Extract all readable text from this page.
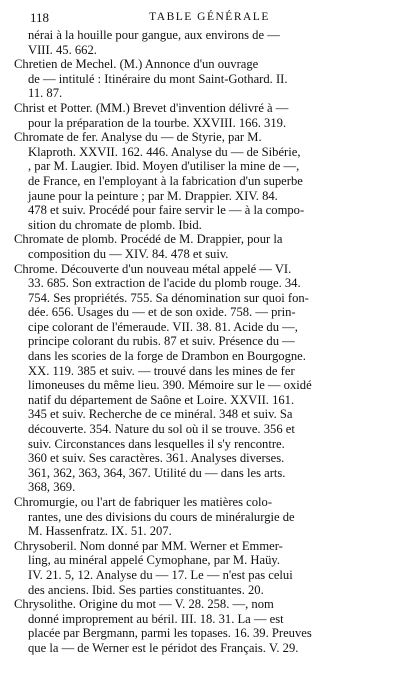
118	TABLE GÉNÉRALE
nérai à la houille pour gangue, aux environs de —
VIII. 45. 662.
Chretien de Mechel. (M.) Annonce d'un ouvrage
de — intitulé : Itinéraire du mont Saint-Gothard. II.
11. 87.
Christ et Potter. (MM.) Brevet d'invention délivré à —
pour la préparation de la tourbe. XXVIII. 166. 319.
Chromate de fer. Analyse du — de Styrie, par M.
Klaproth. XXVII. 162. 446. Analyse du — de Sibérie,
, par M. Laugier. Ibid. Moyen d'utiliser la mine de —,
de France, en l'employant à la fabrication d'un superbe
jaune pour la peinture ; par M. Drappier. XIV. 84.
478 et suiv. Procédé pour faire servir le — à la compo-
sition du chromate de plomb. Ibid.
Chromate de plomb. Procédé de M. Drappier, pour la
composition du — XIV. 84. 478 et suiv.
Chrome. Découverte d'un nouveau métal appelé — VI.
33. 685. Son extraction de l'acide du plomb rouge. 34.
754. Ses propriétés. 755. Sa dénomination sur quoi fon-
dée. 656. Usages du — et de son oxide. 758. — prin-
cipe colorant de l'émeraude. VII. 38. 81. Acide du —,
principe colorant du rubis. 87 et suiv. Présence du —
dans les scories de la forge de Drambon en Bourgogne.
XX. 119. 385 et suiv. — trouvé dans les mines de fer
limoneuses du même lieu. 390. Mémoire sur le — oxidé
natif du département de Saône et Loire. XXVII. 161.
345 et suiv. Recherche de ce minéral. 348 et suiv. Sa
découverte. 354. Nature du sol où il se trouve. 356 et
suiv. Circonstances dans lesquelles il s'y rencontre.
360 et suiv. Ses caractères. 361. Analyses diverses.
361, 362, 363, 364, 367. Utilité du — dans les arts.
368, 369.
Chromurgie, ou l'art de fabriquer les matières colo-
rantes, une des divisions du cours de minéralurgie de
M. Hassenfratz. IX. 51. 207.
Chrysoberil. Nom donné par MM. Werner et Emmer-
ling, au minéral appelé Cymophane, par M. Haüy.
IV. 21. 5, 12. Analyse du — 17. Le — n'est pas celui
des anciens. Ibid. Ses parties constituantes. 20.
Chrysolithe. Origine du mot — V. 28. 258. —, nom
donné improprement au béril. III. 18. 31. La — est
placée par Bergmann, parmi les topases. 16. 39. Preuves
que la — de Werner est le péridot des Français. V. 29.
